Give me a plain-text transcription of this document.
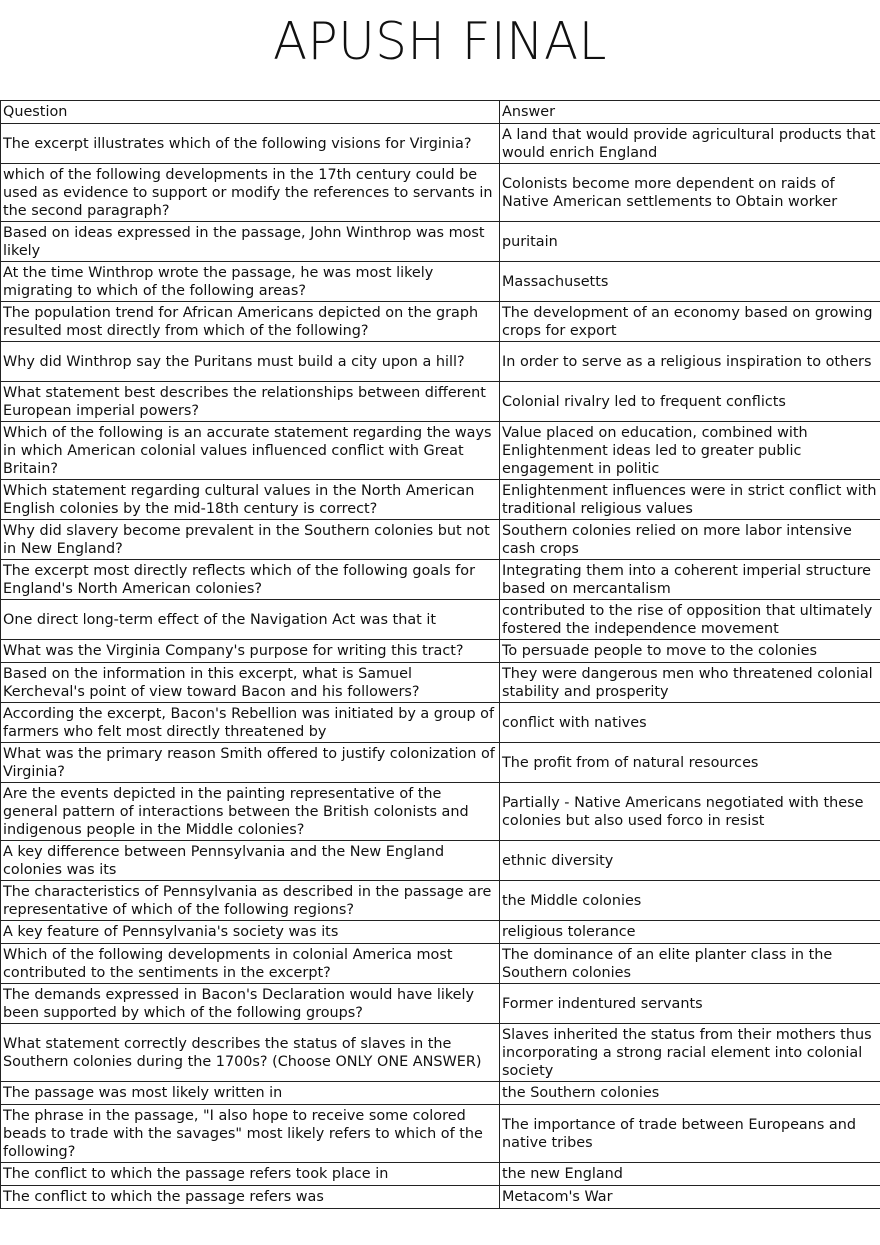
APUSH FINAL
Question	Answer
The excerpt illustrates which of the following visions for Virginia?	A land that would provide agricultural products that would enrich England
which of the following developments in the 17th century could be used as evidence to support or modify the references to servants in the second paragraph?	Colonists become more dependent on raids of Native American settlements to Obtain worker
Based on ideas expressed in the passage, John Winthrop was most likely	puritain
At the time Winthrop wrote the passage, he was most likely migrating to which of the following areas?	Massachusetts
The population trend for African Americans depicted on the graph resulted most directly from which of the following?	The development of an economy based on growing crops for export
Why did Winthrop say the Puritans must build a city upon a hill?	In order to serve as a religious inspiration to others
What statement best describes the relationships between different European imperial powers?	Colonial rivalry led to frequent conflicts
Which of the following is an accurate statement regarding the ways in which American colonial values influenced conflict with Great Britain?	Value placed on education, combined with Enlightenment ideas led to greater public engagement in politic
Which statement regarding cultural values in the North American English colonies by the mid-18th century is correct?	Enlightenment influences were in strict conflict with traditional religious values
Why did slavery become prevalent in the Southern colonies but not in New England?	Southern colonies relied on more labor intensive cash crops
The excerpt most directly reflects which of the following goals for England's North American colonies?	Integrating them into a coherent imperial structure based on mercantalism
One direct long-term effect of the Navigation Act was that it	contributed to the rise of opposition that ultimately fostered the independence movement
What was the Virginia Company's purpose for writing this tract?	To persuade people to move to the colonies
Based on the information in this excerpt, what is Samuel Kercheval's point of view toward Bacon and his followers?	They were dangerous men who threatened colonial stability and prosperity
According the excerpt, Bacon's Rebellion was initiated by a group of farmers who felt most directly threatened by	conflict with natives
What was the primary reason Smith offered to justify colonization of Virginia?	The profit from of natural resources
Are the events depicted in the painting representative of the general pattern of interactions between the British colonists and indigenous people in the Middle colonies?	Partially - Native Americans negotiated with these colonies but also used forco in resist
A key difference between Pennsylvania and the New England colonies was its	ethnic diversity
The characteristics of Pennsylvania as described in the passage are representative of which of the following regions?	the Middle colonies
A key feature of Pennsylvania's society was its	religious tolerance
Which of the following developments in colonial America most contributed to the sentiments in the excerpt?	The dominance of an elite planter class in the Southern colonies
The demands expressed in Bacon's Declaration would have likely been supported by which of the following groups?	Former indentured servants
What statement correctly describes the status of slaves in the Southern colonies during the 1700s? (Choose ONLY ONE ANSWER)	Slaves inherited the status from their mothers thus incorporating a strong racial element into colonial society
The passage was most likely written in	the Southern colonies
The phrase in the passage, "I also hope to receive some colored beads to trade with the savages" most likely refers to which of the following?	The importance of trade between Europeans and native tribes
The conflict to which the passage refers took place in	the new England
The conflict to which the passage refers was	Metacom's War
